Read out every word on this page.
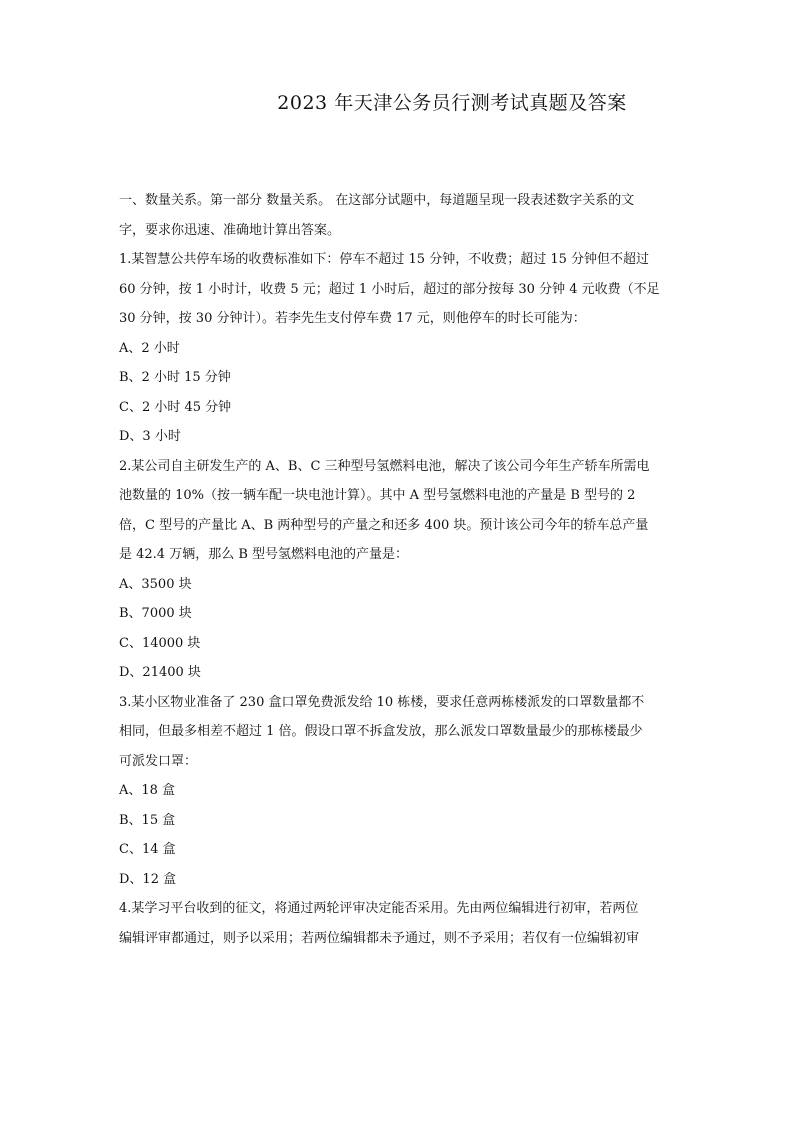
2023 年天津公务员行测考试真题及答案
一、数量关系。第一部分 数量关系。 在这部分试题中，每道题呈现一段表述数字关系的文
字，要求你迅速、准确地计算出答案。
1.某智慧公共停车场的收费标准如下：停车不超过 15 分钟，不收费；超过 15 分钟但不超过
60 分钟，按 1 小时计，收费 5 元；超过 1 小时后，超过的部分按每 30 分钟 4 元收费（不足
30 分钟，按 30 分钟计）。若李先生支付停车费 17 元，则他停车的时长可能为：
A、2 小时
B、2 小时 15 分钟
C、2 小时 45 分钟
D、3 小时
2.某公司自主研发生产的 A、B、C 三种型号氢燃料电池，解决了该公司今年生产轿车所需电
池数量的 10%（按一辆车配一块电池计算）。其中 A 型号氢燃料电池的产量是 B 型号的 2
倍，C 型号的产量比 A、B 两种型号的产量之和还多 400 块。预计该公司今年的轿车总产量
是 42.4 万辆，那么 B 型号氢燃料电池的产量是：
A、3500 块
B、7000 块
C、14000 块
D、21400 块
3.某小区物业准备了 230 盒口罩免费派发给 10 栋楼，要求任意两栋楼派发的口罩数量都不
相同，但最多相差不超过 1 倍。假设口罩不拆盒发放，那么派发口罩数量最少的那栋楼最少
可派发口罩：
A、18 盒
B、15 盒
C、14 盒
D、12 盒
4.某学习平台收到的征文，将通过两轮评审决定能否采用。先由两位编辑进行初审，若两位
编辑评审都通过，则予以采用；若两位编辑都未予通过，则不予采用；若仅有一位编辑初审
